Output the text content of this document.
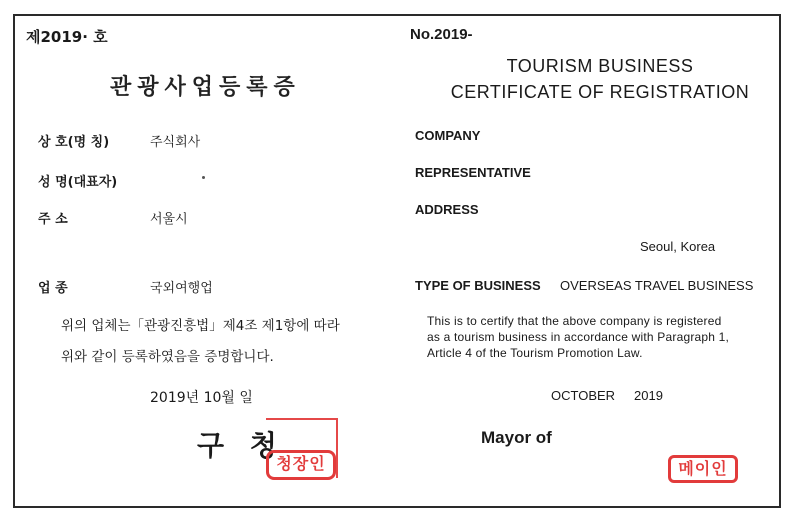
제2019· 호
관광사업등록증
상 호(명 칭)	주식회사
성 명(대표자)
주 소	서울시
업 종	국외여행업
위의 업체는「관광진흥법」제4조 제1항에 따라
위와 같이 등록하였음을 증명합니다.
2019년 10월 일
구 청
청장인
No.2019-
TOURISM BUSINESS
CERTIFICATE OF REGISTRATION
COMPANY
REPRESENTATIVE
ADDRESS
Seoul, Korea
TYPE OF BUSINESS OVERSEAS TRAVEL BUSINESS
This is to certify that the above company is registered
as a tourism business in accordance with Paragraph 1,
Article 4 of the Tourism Promotion Law.
OCTOBER 2019
Mayor of
메이인
